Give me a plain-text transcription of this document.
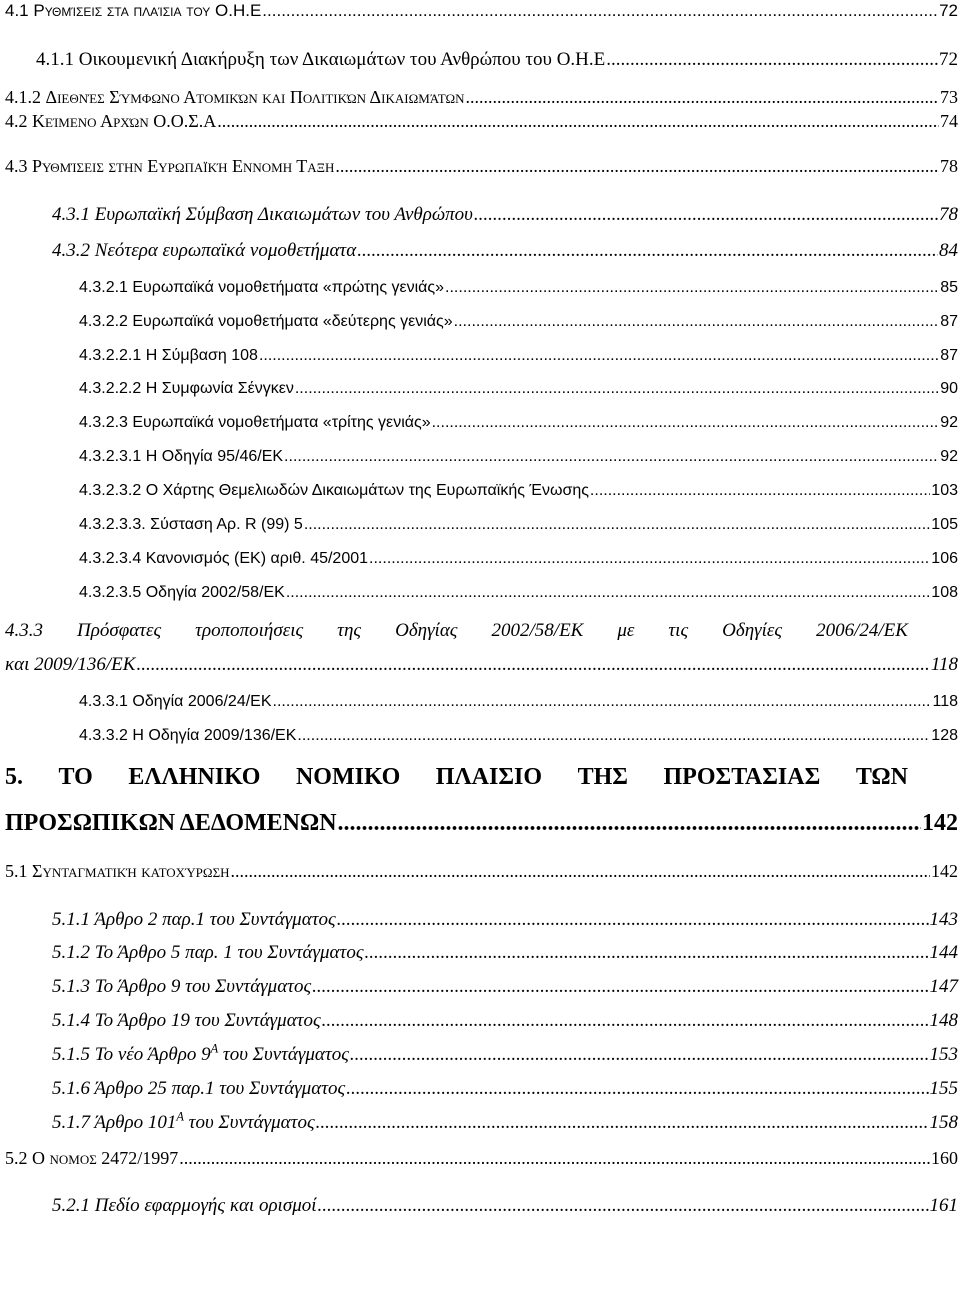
4.1 Ρυθμίσεις στα πλαίσια του Ο.Η.Ε .....	72
4.1.1 Οικουμενική Διακήρυξη των Δικαιωμάτων του Ανθρώπου του Ο.Η.Ε .....	72
4.1.2 Διεθνές Σύμφωνο Ατομικών και Πολιτικών Δικαιωμάτων .....	73
4.2 Κείμενο Αρχών Ο.Ο.Σ.Α .....	74
4.3 Ρυθμίσεις στην Ευρωπαϊκή Εννομη Ταξη .....	78
4.3.1 Ευρωπαϊκή Σύμβαση Δικαιωμάτων του Ανθρώπου .....	78
4.3.2 Νεότερα ευρωπαϊκά νομοθετήματα .....	84
4.3.2.1 Ευρωπαϊκά νομοθετήματα «πρώτης γενιάς» .....	85
4.3.2.2 Ευρωπαϊκά νομοθετήματα «δεύτερης γενιάς» .....	87
4.3.2.2.1 Η Σύμβαση 108 .....	87
4.3.2.2.2 Η Συμφωνία Σένγκεν .....	90
4.3.2.3 Ευρωπαϊκά νομοθετήματα «τρίτης γενιάς» .....	92
4.3.2.3.1 Η Οδηγία 95/46/ΕΚ .....	92
4.3.2.3.2 Ο Χάρτης Θεμελιωδών Δικαιωμάτων της Ευρωπαϊκής Ένωσης .....	103
4.3.2.3.3. Σύσταση Αρ. R (99) 5 .....	105
4.3.2.3.4 Κανονισμός (ΕΚ) αριθ. 45/2001 .....	106
4.3.2.3.5 Οδηγία 2002/58/ΕΚ .....	108
4.3.3 Πρόσφατες τροποποιήσεις της Οδηγίας 2002/58/ΕΚ με τις Οδηγίες 2006/24/ΕΚ
και 2009/136/ΕΚ .....	118
4.3.3.1 Οδηγία 2006/24/ΕΚ .....	118
4.3.3.2 Η Οδηγία 2009/136/ΕΚ .....	128
5. ΤΟ ΕΛΛΗΝΙΚΟ ΝΟΜΙΚΟ ΠΛΑΙΣΙΟ ΤΗΣ ΠΡΟΣΤΑΣΙΑΣ ΤΩΝ
ΠΡΟΣΩΠΙΚΩΝ ΔΕΔΟΜΕΝΩΝ .....	142
5.1 Συνταγματική κατοχύρωση .....	142
5.1.1 Άρθρο 2 παρ.1 του Συντάγματος .....	143
5.1.2 Το Άρθρο 5 παρ. 1 του Συντάγματος .....	144
5.1.3 Το Άρθρο 9 του Συντάγματος .....	147
5.1.4 Το Άρθρο 19 του Συντάγματος .....	148
5.1.5 Το νέο Άρθρο $9^A$ του Συντάγματος .....	153
5.1.6 Άρθρο 25 παρ.1 του Συντάγματος .....	155
5.1.7 Άρθρο $101^A$ του Συντάγματος .....	158
5.2 Ο νομος 2472/1997 .....	160
5.2.1 Πεδίο εφαρμογής και ορισμοί .....	161
